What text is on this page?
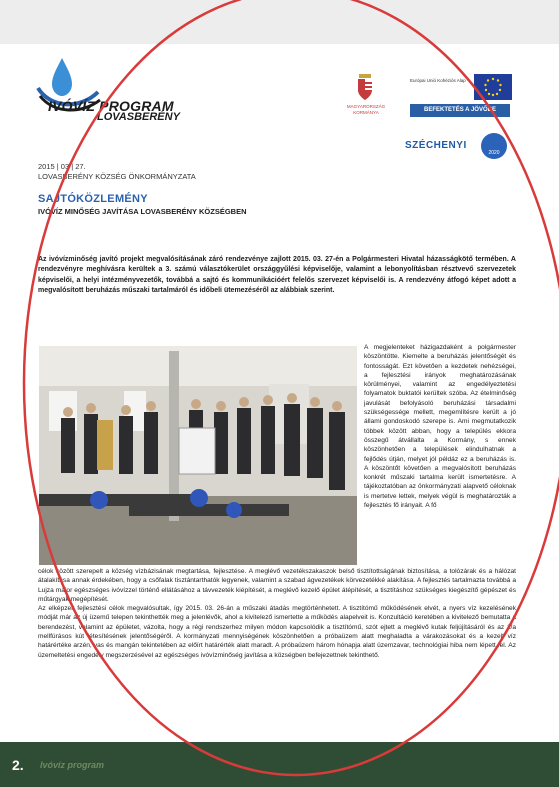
IVÓVÍZ PROGRAM
LOVASBERÉNY
MAGYARORSZÁG KORMÁNYA
Európai Unió Kohéziós Alap
BEFEKTETÉS A JÖVŐBE
SZÉCHENYI
2020
2015 | 03 | 27.
LOVASBERÉNY KÖZSÉG ÖNKORMÁNYZATA
SAJTÓKÖZLEMÉNY
IVÓVÍZ MINŐSÉG JAVÍTÁSA LOVASBERÉNY KÖZSÉGBEN
Az ivóvízminőség javító projekt megvalósításának záró rendezvénye zajlott 2015. 03. 27-én a Polgármesteri Hivatal házasságkötő termében. A rendezvényre meghívásra kerültek a 3. számú választókerület országgyűlési képviselője, valamint a lebonyolításban résztvevő szervezetek képviselői, a helyi intézményvezetők, továbbá a sajtó és kommunikációért felelős szervezet képviselői is. A rendezvény átfogó képet adott a megvalósított beruházás műszaki tartalmáról és időbeli ütemezéséről az alábbiak szerint.
A megjelenteket házigazdaként a polgármester köszöntötte. Kiemelte a beruházás jelentőségét és fontosságát. Ezt követően a kezdetek nehézségei, a fejlesztési irányok meghatározásának körülményei, valamint az engedélyeztetési folyamatok buktatói kerültek szóba. Az ételminőség javulását befolyásoló beruházási társadalmi szükségessége mellett, megemlítésre került a jó állami gondoskodó szerepe is. Ami megmutatkozik többek között abban, hogy a település ekkora összegű átvállalta a Kormány, s ennek köszönhetően a települések elindulhatnak a fejlődés útján, melyet jól példáz ez a beruházás is. A köszöntőt követően a megvalósított beruházás konkrét műszaki tartalma került ismertetésre. A tájékoztatóban az önkormányzati alapvető céloknak is mertetve lettek, melyek végül is meghatározták a fejlesztés fő irányait. A fő

célok között szerepelt a község vízbázisának megtartása, fejlesztése. A meglévő vezetékszakaszok belső tisztítottságának biztosítása, a tolózárak és a hálózat átalakítása annak érdekében, hogy a csőfalak tisztántarthatók legyenek, valamint a szabad ágvezetékek körvezetékké alakítása. A fejlesztés tartalmazta továbbá a Lujza major egészséges ivóvízzel történő ellátásához a távvezeték kiépítését, a meglévő kezelő épület átépítését, a tisztításhoz szükséges kiegészítő gépészet és műtárgyak megépítését.

Az elképzelt fejlesztési célok megvalósultak, így 2015. 03. 26-án a műszaki átadás megtörténhetett. A tisztítómű működésének elvét, a nyers víz kezelésének módját már az új üzemű telepen tekinthették meg a jelenlévők, ahol a kivitelező ismertette a működés alapelveit is. Konzultáció keretében a kivitelező bemutatta a berendezést, valamint az épületet, vázolta, hogy a régi rendszerhez milyen módon kapcsolódik a tisztítómű, szót ejtett a meglévő kutak feljújításáról és az 1/a mellfúrásos kút létesítésének jelentőségéről. A kormányzati mennyiségének köszönhetően a próbaüzem alatt meghaladta a várakozásokat és a kezelt víz határértéke arzén, vas és mangán tekintetében az előírt határérték alatt maradt. A próbaüzem három hónapja alatt üzemzavar, technológiai hiba nem lépett fel. Az üzemeltetési engedély megszerzésével az egészséges ivóvízminőség javítása a községben befejezettnek tekinthető.

2. Ivóvíz program
